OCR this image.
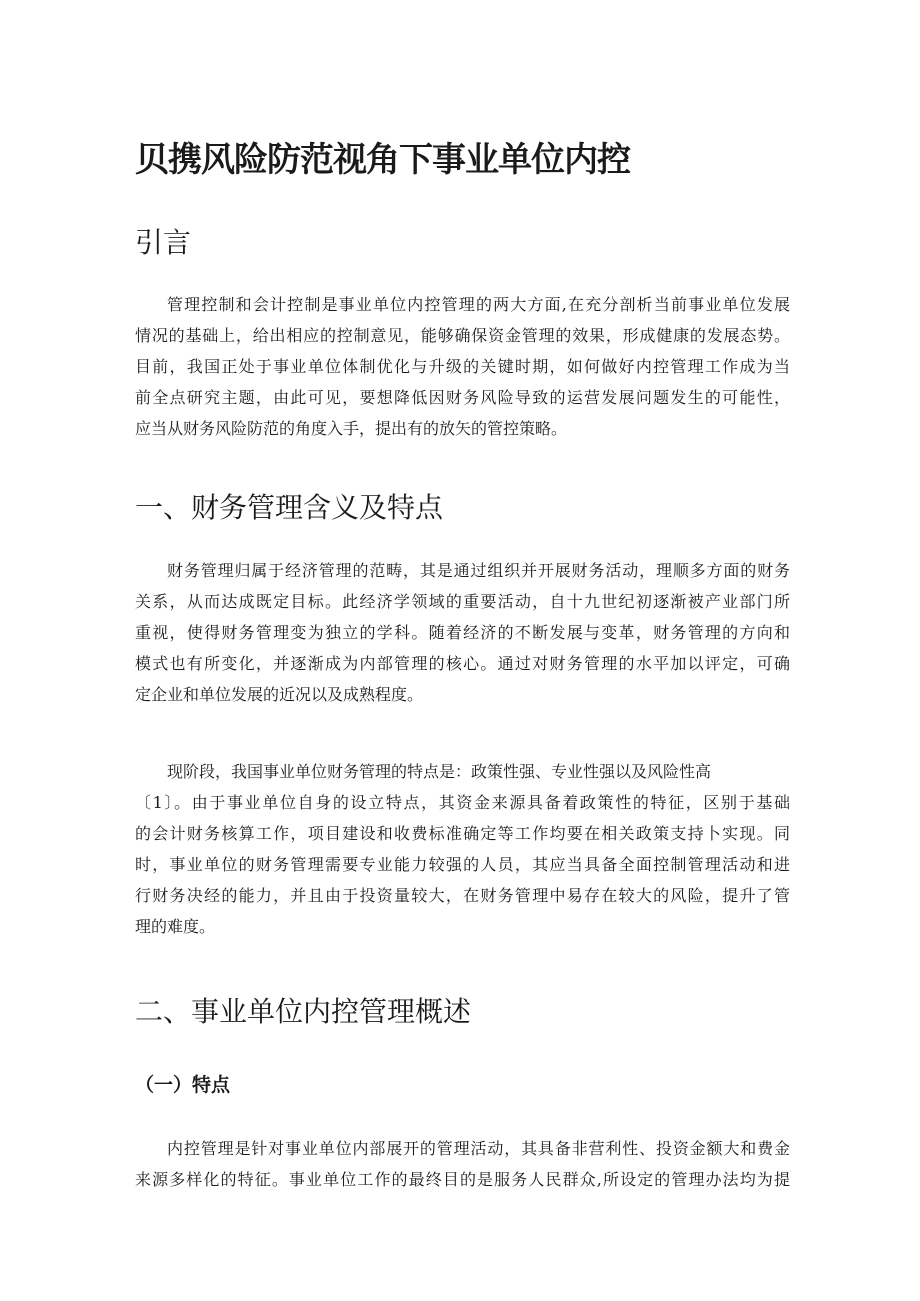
贝携风险防范视角下事业单位内控
引言
管理控制和会计控制是事业单位内控管理的两大方面,在充分剖析当前事业单位发展
情况的基础上，给出相应的控制意见，能够确保资金管理的效果，形成健康的发展态势。
目前，我国正处于事业单位体制优化与升级的关键时期，如何做好内控管理工作成为当
前全点研究主题，由此可见，要想降低因财务风险导致的运营发展问题发生的可能性，
应当从财务风险防范的角度入手，提出有的放矢的管控策略。
一、财务管理含义及特点
财务管理归属于经济管理的范畴，其是通过组织并开展财务活动，理顺多方面的财务
关系，从而达成既定目标。此经济学领域的重要活动，自十九世纪初逐渐被产业部门所
重视，使得财务管理变为独立的学科。随着经济的不断发展与变革，财务管理的方向和
模式也有所变化，并逐渐成为内部管理的核心。通过对财务管理的水平加以评定，可确
定企业和单位发展的近况以及成熟程度。
现阶段，我国事业单位财务管理的特点是：政策性强、专业性强以及风险性高
〔1〕。由于事业单位自身的设立特点，其资金来源具备着政策性的特征，区别于基础
的会计财务核算工作，项目建设和收费标准确定等工作均要在相关政策支持卜实现。同
时，事业单位的财务管理需要专业能力较强的人员，其应当具备全面控制管理活动和进
行财务决经的能力，并且由于投资量较大，在财务管理中易存在较大的风险，提升了管
理的难度。
二、事业单位内控管理概述
（一）特点
内控管理是针对事业单位内部展开的管理活动，其具备非营利性、投资金额大和费金
来源多样化的特征。事业单位工作的最终目的是服务人民群众,所设定的管理办法均为提
